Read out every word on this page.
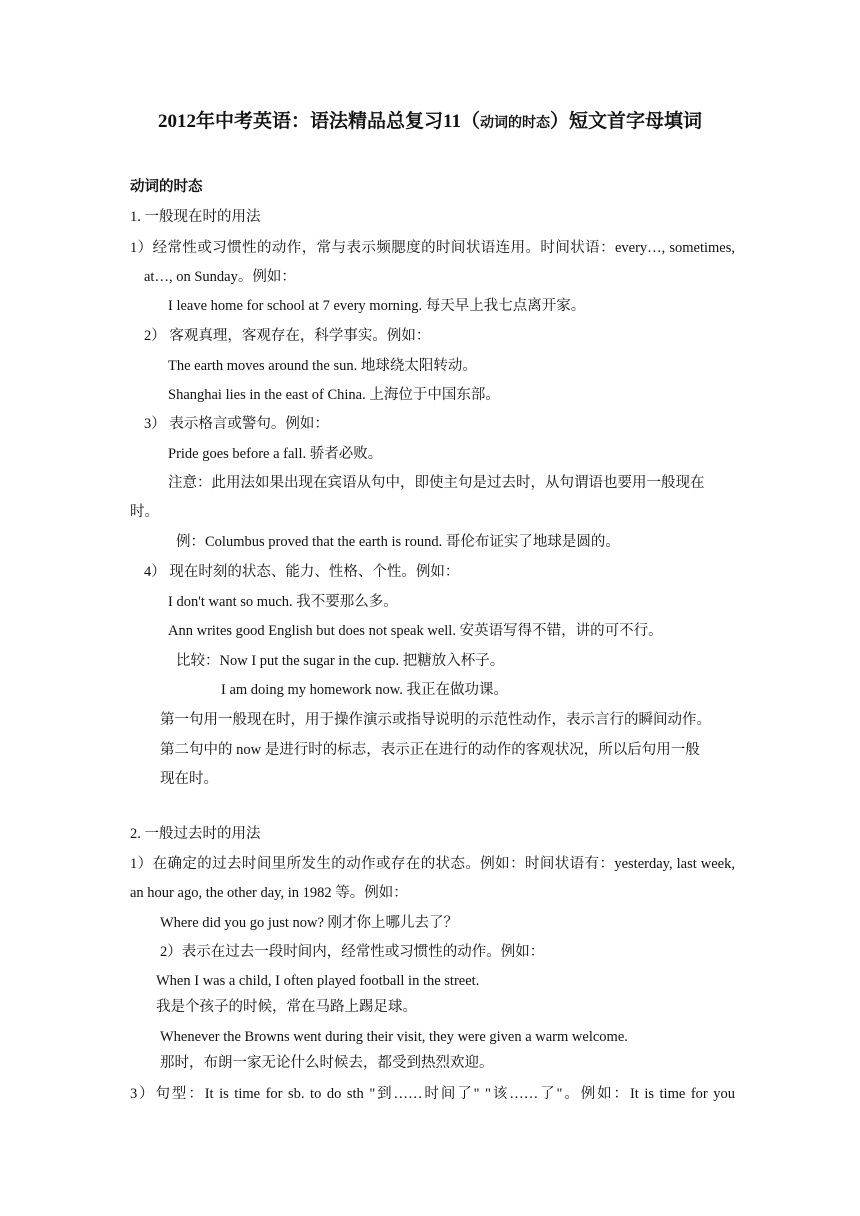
2012年中考英语：语法精品总复习11（动词的时态）短文首字母填词
动词的时态
1. 一般现在时的用法
1）经常性或习惯性的动作，常与表示频腮度的时间状语连用。时间状语：every…, sometimes,
at…, on Sunday。例如：
I leave home for school at 7 every morning. 每天早上我七点离开家。
2） 客观真理，客观存在，科学事实。例如：
The earth moves around the sun. 地球绕太阳转动。
Shanghai lies in the east of China. 上海位于中国东部。
3） 表示格言或警句。例如：
Pride goes before a fall. 骄者必败。
注意：此用法如果出现在宾语从句中，即使主句是过去时，从句谓语也要用一般现在
时。
例：Columbus proved that the earth is round. 哥伦布证实了地球是圆的。
4） 现在时刻的状态、能力、性格、个性。例如：
I don't want so much. 我不要那么多。
Ann writes good English but does not speak well. 安英语写得不错，讲的可不行。
比较：Now I put the sugar in the cup. 把糖放入杯子。
I am doing my homework now. 我正在做功课。
第一句用一般现在时，用于操作演示或指导说明的示范性动作，表示言行的瞬间动作。
第二句中的 now 是进行时的标志，表示正在进行的动作的客观状况，所以后句用一般
现在时。
2. 一般过去时的用法
1）在确定的过去时间里所发生的动作或存在的状态。例如：时间状语有：yesterday, last week,
an hour ago, the other day, in 1982 等。例如：
Where did you go just now? 刚才你上哪儿去了？
2）表示在过去一段时间内，经常性或习惯性的动作。例如：
When I was a child, I often played football in the street.
我是个孩子的时候，常在马路上踢足球。
Whenever the Browns went during their visit, they were given a warm welcome.
那时，布朗一家无论什么时候去，都受到热烈欢迎。
3）句型：It is time for sb. to do sth "到……时间了" "该……了"。例如：It is time for you
